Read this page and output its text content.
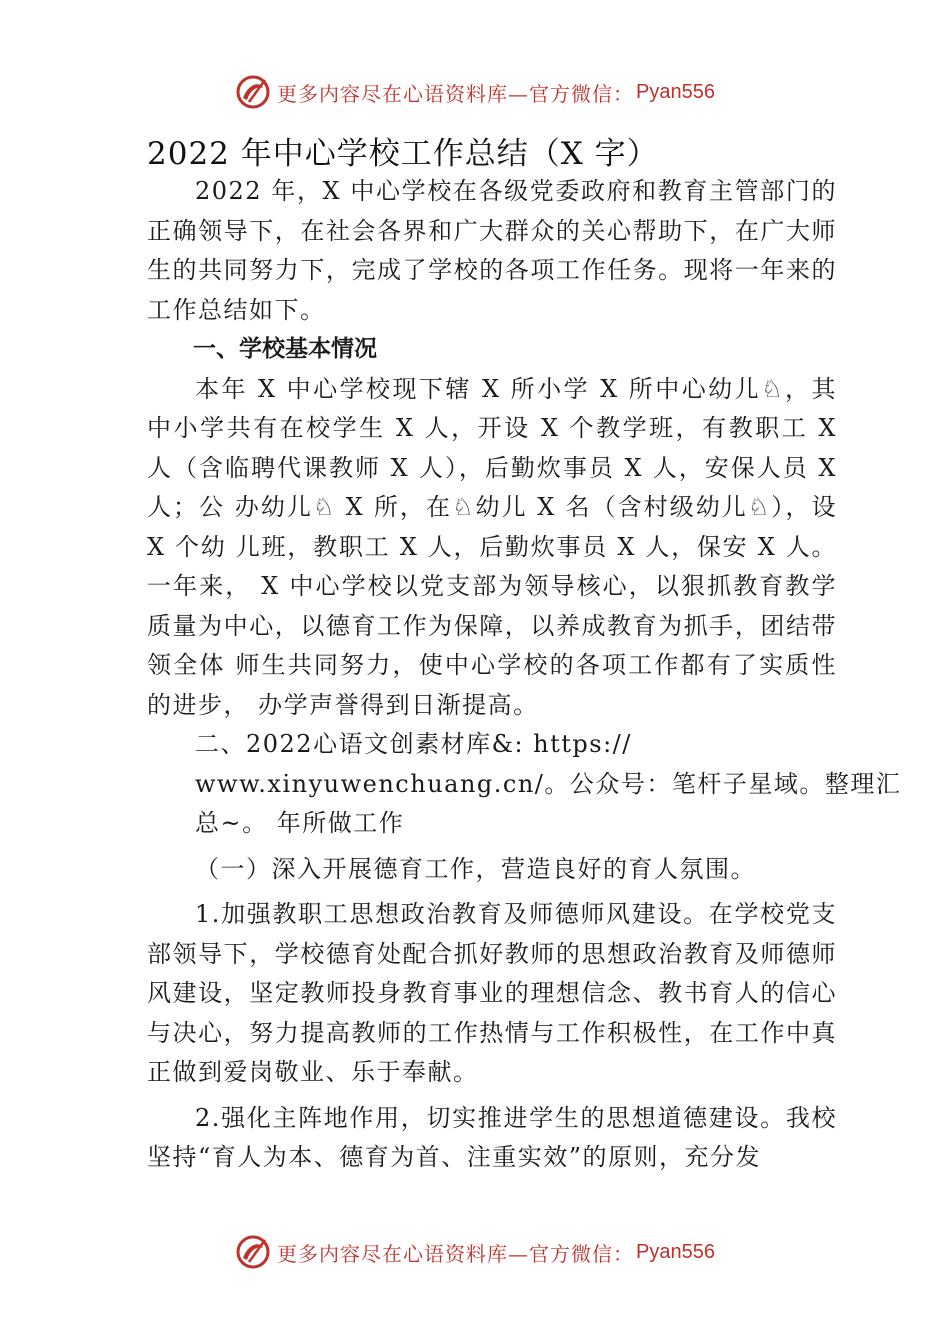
更多内容尽在心语资料库—官方微信： Pyan556
2022 年中心学校工作总结（X 字）

2022 年，X 中心学校在各级党委政府和教育主管部门的正确领导下，在社会各界和广大群众的关心帮助下，在广大师生的共同努力下，完成了学校的各项工作任务。现将一年来的工作总结如下。

一、学校基本情况

本年 X 中心学校现下辖 X 所小学 X 所中心幼儿♘，其中小学共有在校学生 X 人，开设 X 个教学班，有教职工 X 人（含临聘代课教师 X 人），后勤炊事员 X 人，安保人员 X 人；公 办幼儿♘ X 所，在♘幼儿 X 名（含村级幼儿♘），设 X 个幼 儿班，教职工 X 人，后勤炊事员 X 人，保安 X 人。一年来， X 中心学校以党支部为领导核心，以狠抓教育教学质量为中心，以德育工作为保障，以养成教育为抓手，团结带领全体 师生共同努力，使中心学校的各项工作都有了实质性的进步， 办学声誉得到日渐提高。

二、2022心语文创素材库&: https://
www.xinyuwenchuang.cn/。公众号：笔杆子星域。整理汇
总~。 年所做工作

（一）深入开展德育工作，营造良好的育人氛围。

1.加强教职工思想政治教育及师德师风建设。在学校党支部领导下，学校德育处配合抓好教师的思想政治教育及师德师风建设，坚定教师投身教育事业的理想信念、教书育人的信心与决心，努力提高教师的工作热情与工作积极性，在工作中真正做到爱岗敬业、乐于奉献。

2.强化主阵地作用，切实推进学生的思想道德建设。我校坚持“育人为本、德育为首、注重实效”的原则，充分发

更多内容尽在心语资料库—官方微信： Pyan556
